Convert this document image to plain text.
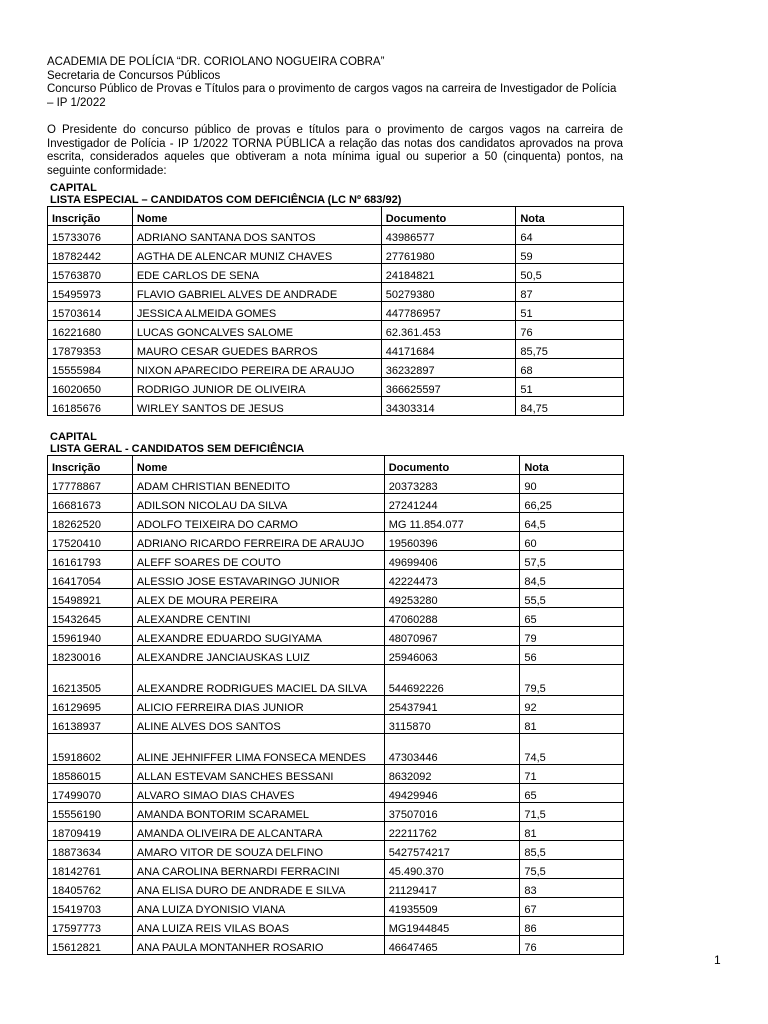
ACADEMIA DE POLÍCIA “DR. CORIOLANO NOGUEIRA COBRA”
Secretaria de Concursos Públicos
Concurso Público de Provas e Títulos para o provimento de cargos vagos na carreira de Investigador de Polícia – IP 1/2022
O Presidente do concurso público de provas e títulos para o provimento de cargos vagos na carreira de Investigador de Polícia - IP 1/2022 TORNA PÚBLICA a relação das notas dos candidatos aprovados na prova escrita, considerados aqueles que obtiveram a nota mínima igual ou superior a 50 (cinquenta) pontos, na seguinte conformidade:
CAPITAL
LISTA ESPECIAL – CANDIDATOS COM DEFICIÊNCIA (LC Nº 683/92)
Inscrição	Nome	Documento	Nota
15733076	ADRIANO SANTANA DOS SANTOS	43986577	64
18782442	AGTHA DE ALENCAR MUNIZ CHAVES	27761980	59
15763870	EDE CARLOS DE SENA	24184821	50,5
15495973	FLAVIO GABRIEL ALVES DE ANDRADE	50279380	87
15703614	JESSICA ALMEIDA GOMES	447786957	51
16221680	LUCAS GONCALVES SALOME	62.361.453	76
17879353	MAURO CESAR GUEDES BARROS	44171684	85,75
15555984	NIXON APARECIDO PEREIRA DE ARAUJO	36232897	68
16020650	RODRIGO JUNIOR DE OLIVEIRA	366625597	51
16185676	WIRLEY SANTOS DE JESUS	34303314	84,75
CAPITAL
LISTA GERAL - CANDIDATOS SEM DEFICIÊNCIA
Inscrição	Nome	Documento	Nota
17778867	ADAM CHRISTIAN BENEDITO	20373283	90
16681673	ADILSON NICOLAU DA SILVA	27241244	66,25
18262520	ADOLFO TEIXEIRA DO CARMO	MG 11.854.077	64,5
17520410	ADRIANO RICARDO FERREIRA DE ARAUJO	19560396	60
16161793	ALEFF SOARES DE COUTO	49699406	57,5
16417054	ALESSIO JOSE ESTAVARINGO JUNIOR	42224473	84,5
15498921	ALEX DE MOURA PEREIRA	49253280	55,5
15432645	ALEXANDRE CENTINI	47060288	65
15961940	ALEXANDRE EDUARDO SUGIYAMA	48070967	79
18230016	ALEXANDRE JANCIAUSKAS LUIZ	25946063	56
16213505	ALEXANDRE RODRIGUES MACIEL DA SILVA	544692226	79,5
16129695	ALICIO FERREIRA DIAS JUNIOR	25437941	92
16138937	ALINE ALVES DOS SANTOS	3115870	81
15918602	ALINE JEHNIFFER LIMA FONSECA MENDES	47303446	74,5
18586015	ALLAN ESTEVAM SANCHES BESSANI	8632092	71
17499070	ALVARO SIMAO DIAS CHAVES	49429946	65
15556190	AMANDA BONTORIM SCARAMEL	37507016	71,5
18709419	AMANDA OLIVEIRA DE ALCANTARA	22211762	81
18873634	AMARO VITOR DE SOUZA DELFINO	5427574217	85,5
18142761	ANA CAROLINA BERNARDI FERRACINI	45.490.370	75,5
18405762	ANA ELISA DURO DE ANDRADE E SILVA	21129417	83
15419703	ANA LUIZA DYONISIO VIANA	41935509	67
17597773	ANA LUIZA REIS VILAS BOAS	MG1944845	86
15612821	ANA PAULA MONTANHER ROSARIO	46647465	76
1
